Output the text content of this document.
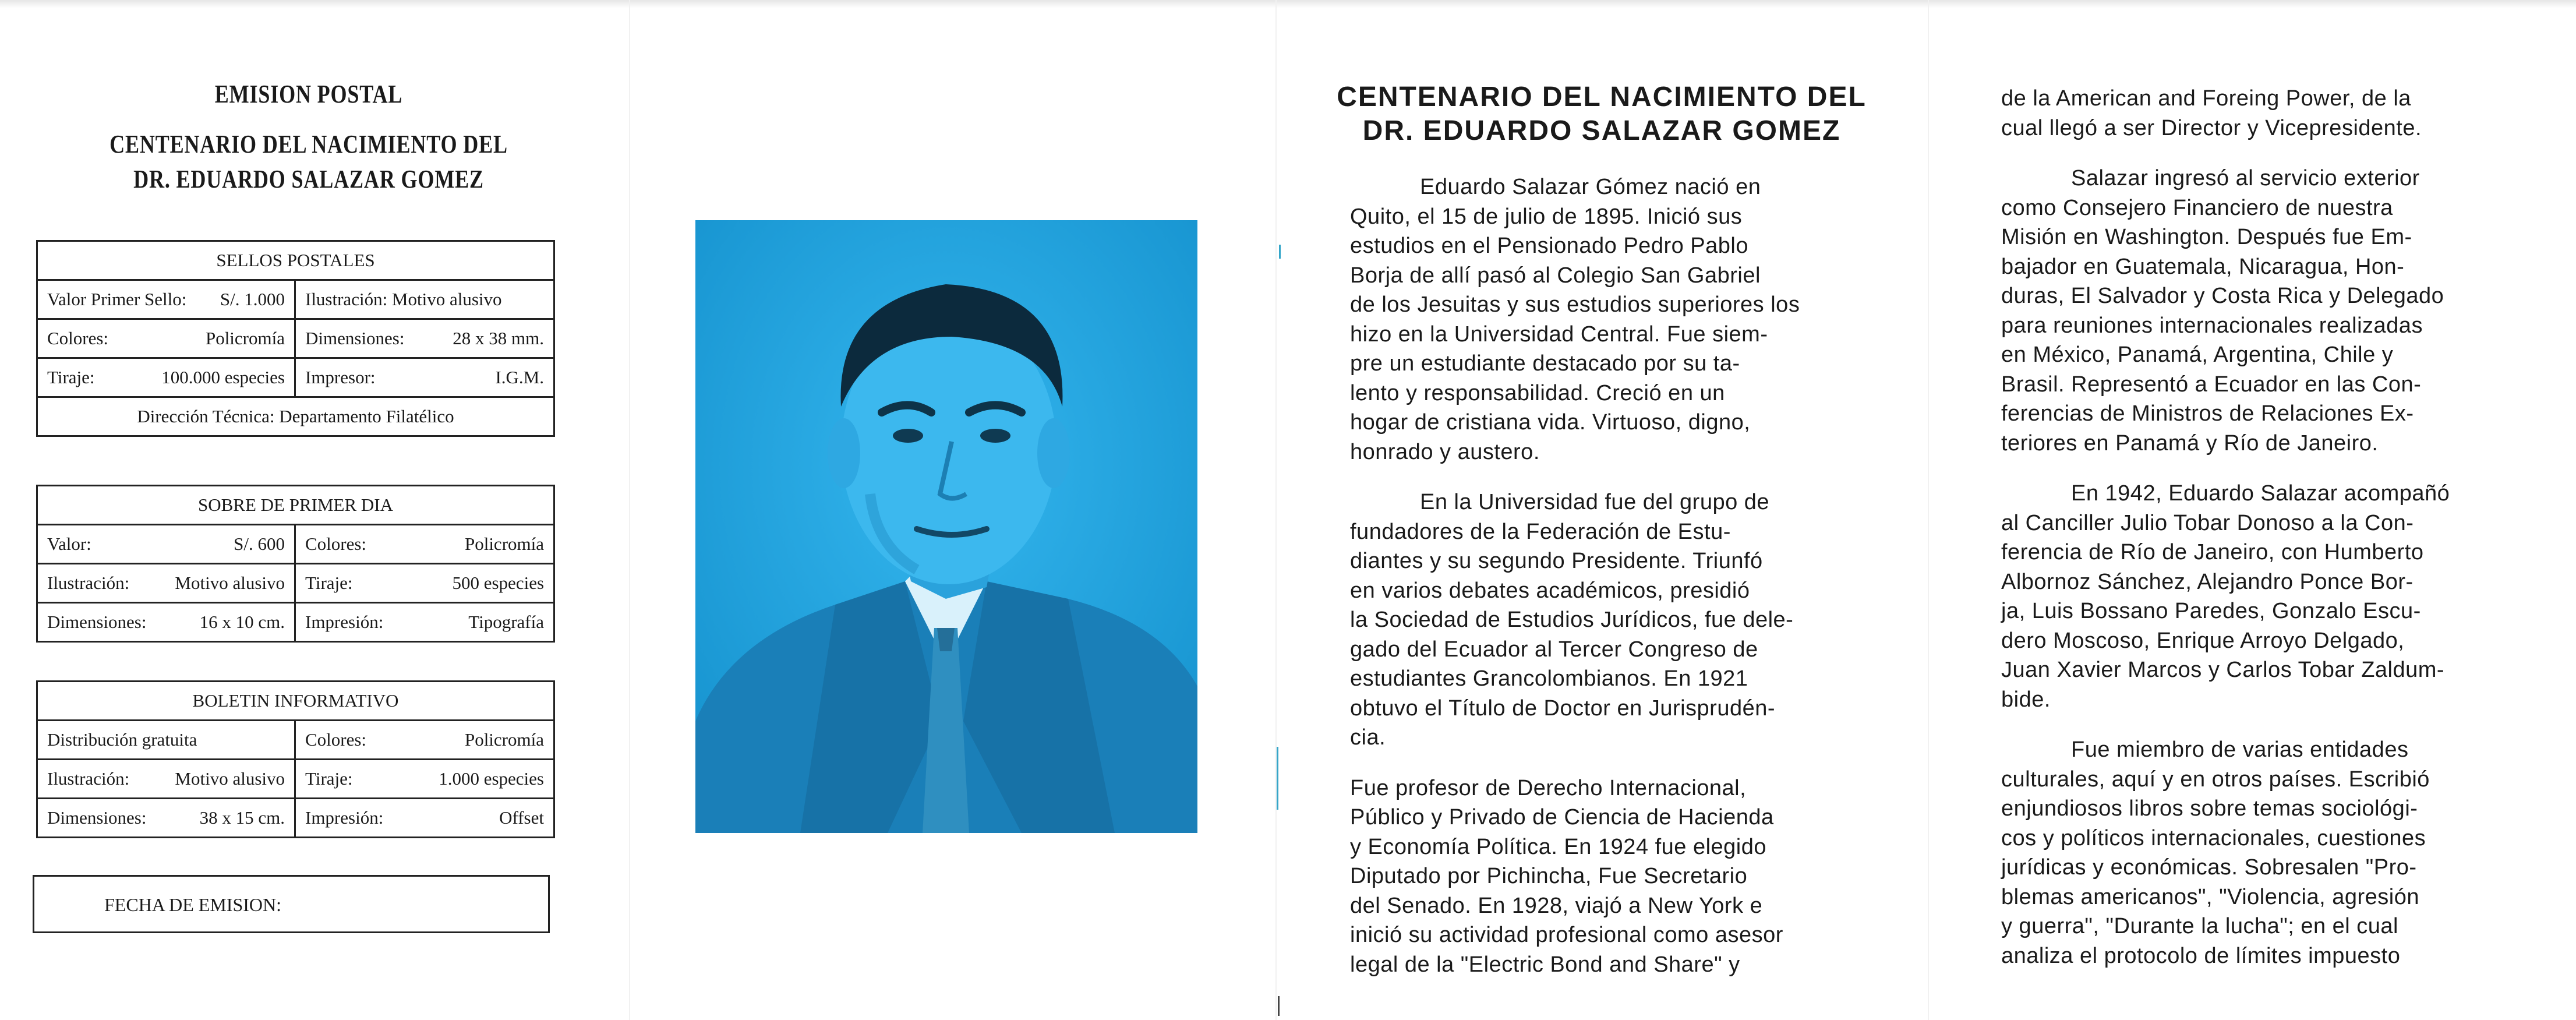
EMISION POSTAL
CENTENARIO DEL NACIMIENTO DEL
DR. EDUARDO SALAZAR GOMEZ
SELLOS POSTALES	

Valor Primer Sello: S/. 1.000	Ilustración: Motivo alusivo

Colores: Policromía	Dimensiones: 28 x 38 mm.

Tiraje: 100.000 especies	Impresor: I.G.M.

Dirección Técnica: Departamento Filatélico	
SOBRE DE PRIMER DIA	

Valor: S/. 600	Colores: Policromía

Ilustración: Motivo alusivo	Tiraje: 500 especies

Dimensiones: 16 x 10 cm.	Impresión: Tipografía
BOLETIN INFORMATIVO	

Distribución gratuita	Colores: Policromía

Ilustración: Motivo alusivo	Tiraje: 1.000 especies

Dimensiones: 38 x 15 cm.	Impresión: Offset
FECHA DE EMISION:
CENTENARIO DEL NACIMIENTO DEL
DR. EDUARDO SALAZAR GOMEZ
Eduardo Salazar Gómez nació en
Quito, el 15 de julio de 1895. Inició sus
estudios en el Pensionado Pedro Pablo
Borja de allí pasó al Colegio San Gabriel
de los Jesuitas y sus estudios superiores los
hizo en la Universidad Central. Fue siem-
pre un estudiante destacado por su ta-
lento y responsabilidad. Creció en un
hogar de cristiana vida. Virtuoso, digno,
honrado y austero.
En la Universidad fue del grupo de
fundadores de la Federación de Estu-
diantes y su segundo Presidente. Triunfó
en varios debates académicos, presidió
la Sociedad de Estudios Jurídicos, fue dele-
gado del Ecuador al Tercer Congreso de
estudiantes Grancolombianos. En 1921
obtuvo el Título de Doctor en Jurisprudén-
cia.
Fue profesor de Derecho Internacional,
Público y Privado de Ciencia de Hacienda
y Economía Política. En 1924 fue elegido
Diputado por Pichincha, Fue Secretario
del Senado. En 1928, viajó a New York e
inició su actividad profesional como asesor
legal de la "Electric Bond and Share" y
de la American and Foreing Power, de la
cual llegó a ser Director y Vicepresidente.
Salazar ingresó al servicio exterior
como Consejero Financiero de nuestra
Misión en Washington. Después fue Em-
bajador en Guatemala, Nicaragua, Hon-
duras, El Salvador y Costa Rica y Delegado
para reuniones internacionales realizadas
en México, Panamá, Argentina, Chile y
Brasil. Representó a Ecuador en las Con-
ferencias de Ministros de Relaciones Ex-
teriores en Panamá y Río de Janeiro.
En 1942, Eduardo Salazar acompañó
al Canciller Julio Tobar Donoso a la Con-
ferencia de Río de Janeiro, con Humberto
Albornoz Sánchez, Alejandro Ponce Bor-
ja, Luis Bossano Paredes, Gonzalo Escu-
dero Moscoso, Enrique Arroyo Delgado,
Juan Xavier Marcos y Carlos Tobar Zaldum-
bide.
Fue miembro de varias entidades
culturales, aquí y en otros países. Escribió
enjundiosos libros sobre temas sociológi-
cos y políticos internacionales, cuestiones
jurídicas y económicas. Sobresalen "Pro-
blemas americanos", "Violencia, agresión
y guerra", "Durante la lucha"; en el cual
analiza el protocolo de límites impuesto
